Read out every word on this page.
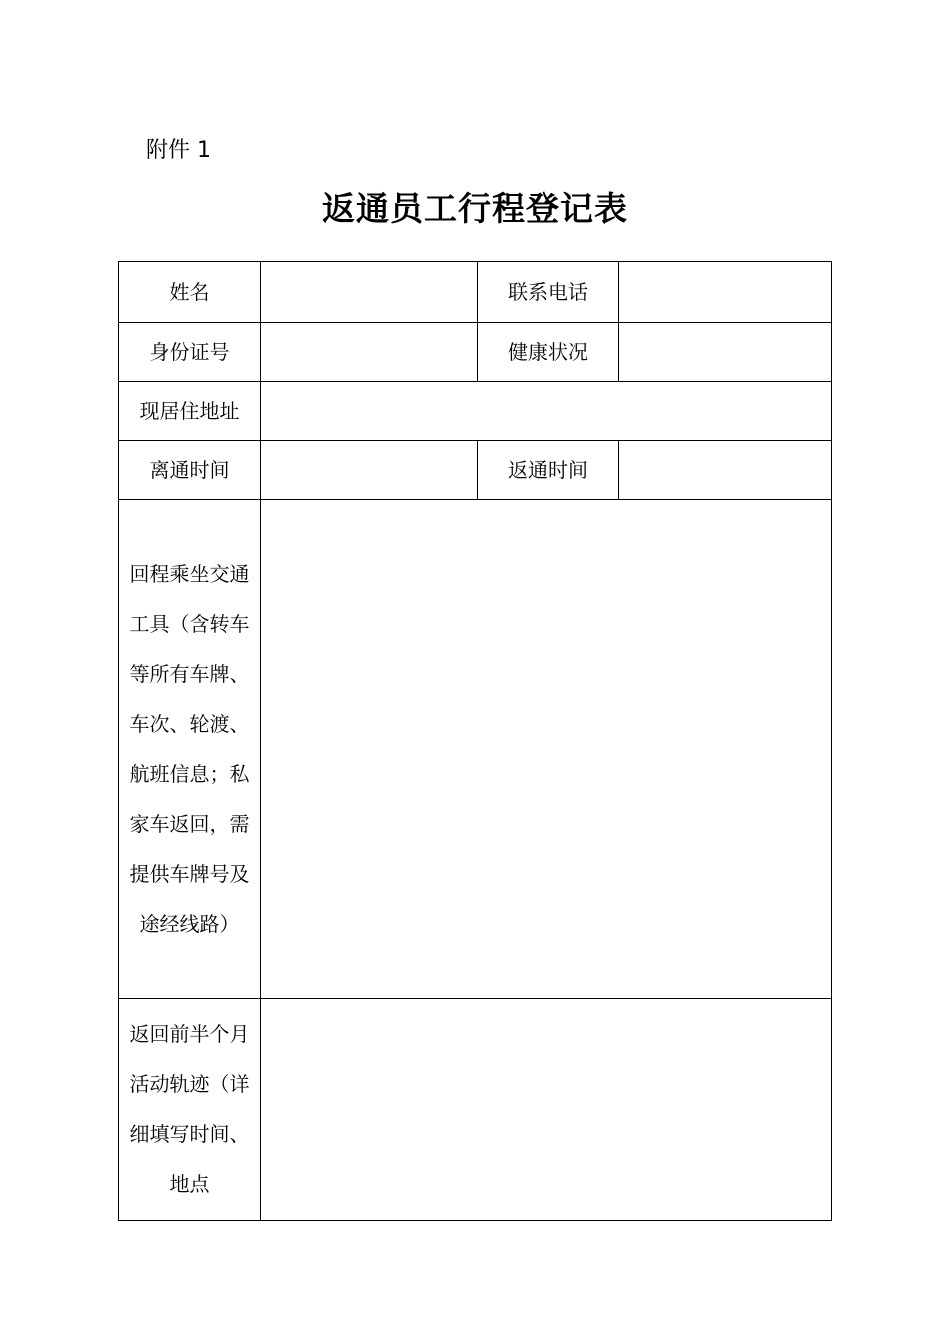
附件 1
返通员工行程登记表
姓名		联系电话	
身份证号		健康状况	
现居住地址			
离通时间		返通时间	

回程乘坐交通工具（含转车等所有车牌、车次、轮渡、航班信息；私家车返回，需提供车牌号及途经线路）			

返回前半个月活动轨迹（详细填写时间、地点			
